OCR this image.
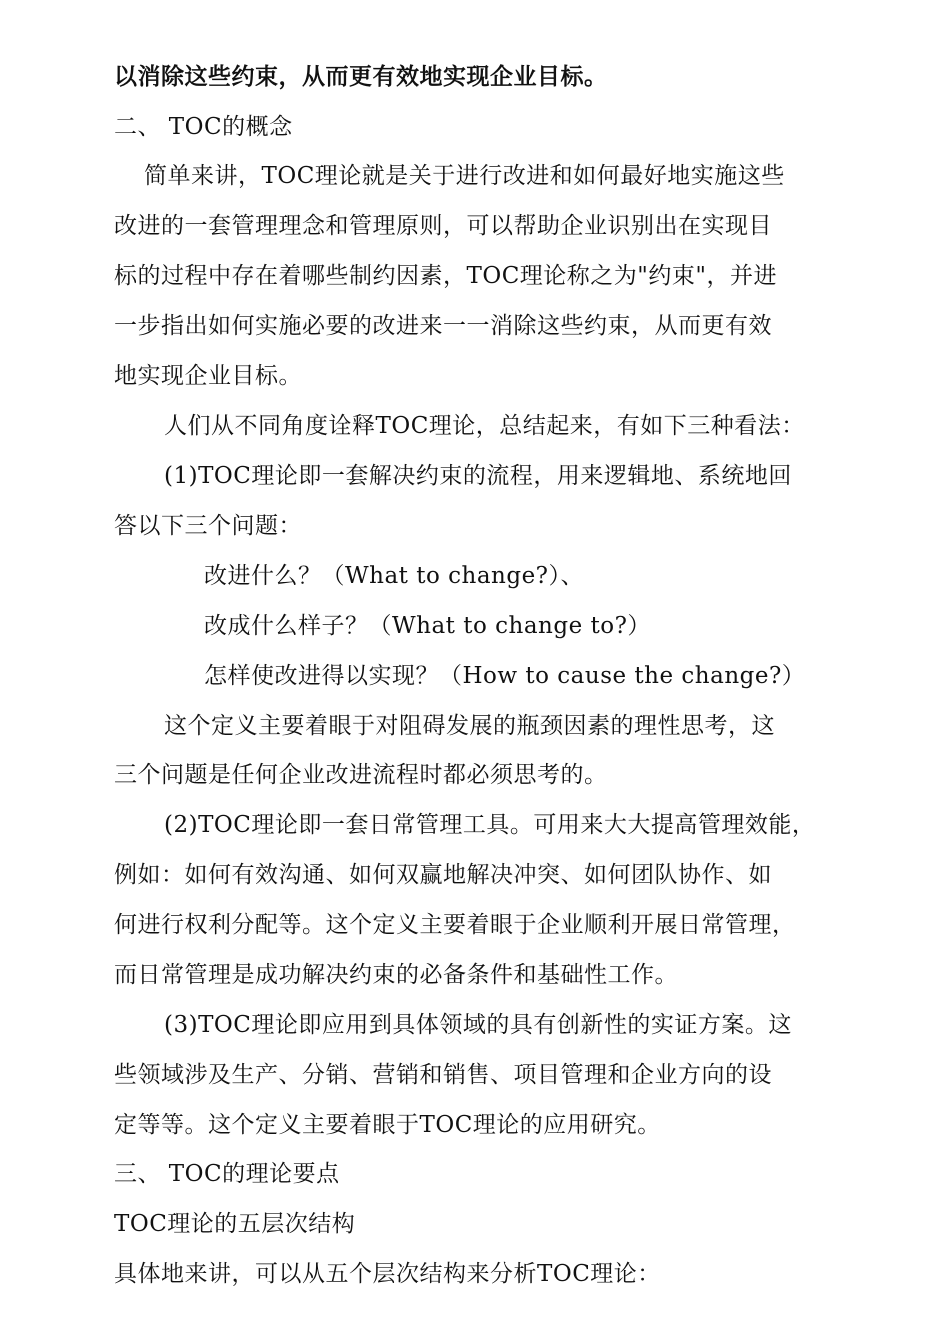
以消除这些约束，从而更有效地实现企业目标。
二、 TOC的概念
简单来讲，TOC理论就是关于进行改进和如何最好地实施这些
改进的一套管理理念和管理原则，可以帮助企业识别出在实现目
标的过程中存在着哪些制约因素，TOC理论称之为"约束"，并进
一步指出如何实施必要的改进来一一消除这些约束，从而更有效
地实现企业目标。
人们从不同角度诠释TOC理论，总结起来，有如下三种看法：
(1)TOC理论即一套解决约束的流程，用来逻辑地、系统地回
答以下三个问题：
改进什么？（What to change?）、
改成什么样子？（What to change to?）
怎样使改进得以实现？（How to cause the change?）
这个定义主要着眼于对阻碍发展的瓶颈因素的理性思考，这
三个问题是任何企业改进流程时都必须思考的。
(2)TOC理论即一套日常管理工具。可用来大大提高管理效能，
例如：如何有效沟通、如何双赢地解决冲突、如何团队协作、如
何进行权利分配等。这个定义主要着眼于企业顺利开展日常管理，
而日常管理是成功解决约束的必备条件和基础性工作。
(3)TOC理论即应用到具体领域的具有创新性的实证方案。这
些领域涉及生产、分销、营销和销售、项目管理和企业方向的设
定等等。这个定义主要着眼于TOC理论的应用研究。
三、 TOC的理论要点
TOC理论的五层次结构
具体地来讲，可以从五个层次结构来分析TOC理论：
